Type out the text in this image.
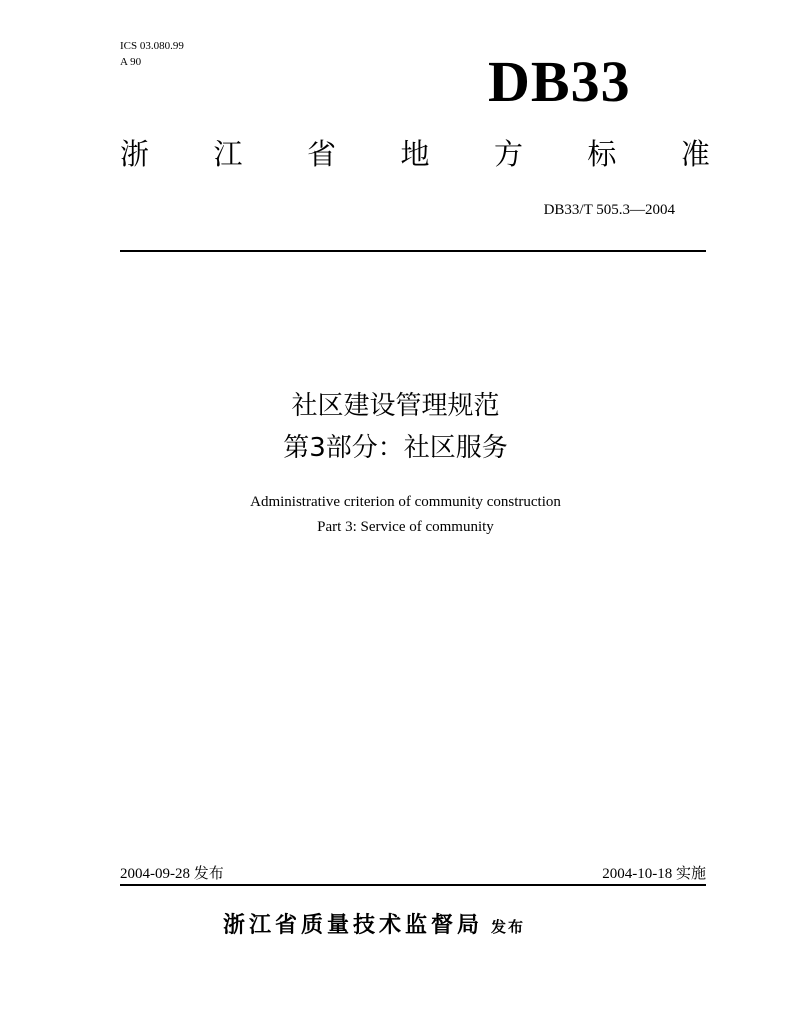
ICS 03.080.99
A 90	DB33
浙 江 省 地 方 标 准
DB33/T 505.3—2004
社区建设管理规范
第3部分：社区服务
Administrative criterion of community construction
Part 3: Service of community
2004-09-28 发布	2004-10-18 实施
浙江省质量技术监督局 发布
